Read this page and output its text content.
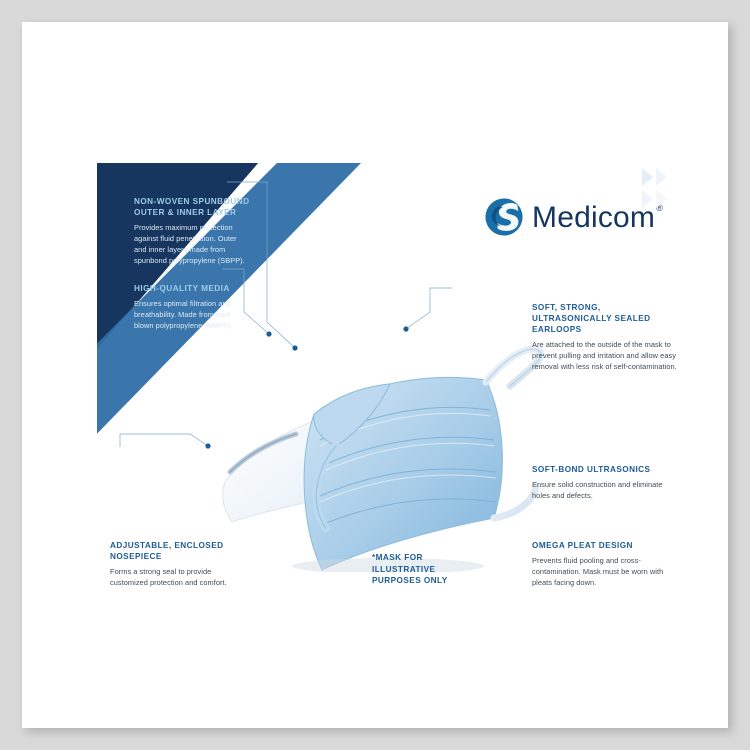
Medicom ®
NON-WOVEN SPUNBOUND OUTER & INNER LAYER

Provides maximum protection against fluid penetration. Outer and inner layers made from spunbond polypropylene (SBPP).

HIGH-QUALITY MEDIA

Ensures optimal filtration and breathability. Made from melt blown polypropylene (MBPP).

SOFT, STRONG, ULTRASONICALLY SEALED EARLOOPS

Are attached to the outside of the mask to prevent pulling and irritation and allow easy removal with less risk of self-contamination.

SOFT-BOND ULTRASONICS

Ensure solid construction and eliminate holes and defects.

OMEGA PLEAT DESIGN

Prevents fluid pooling and cross-contamination. Mask must be worn with pleats facing down.

ADJUSTABLE, ENCLOSED NOSEPIECE

Forms a strong seal to provide customized protection and comfort.

*MASK FOR ILLUSTRATIVE PURPOSES ONLY
